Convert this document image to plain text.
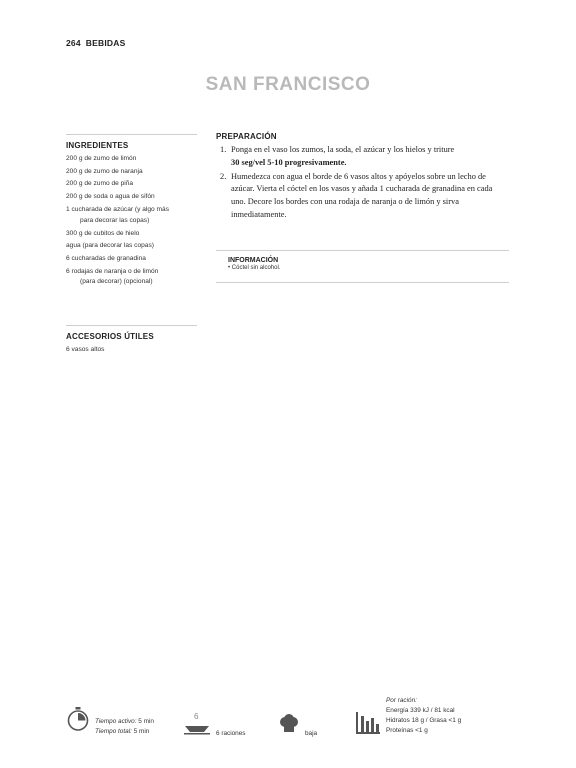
264 BEBIDAS
SAN FRANCISCO
INGREDIENTES
200 g de zumo de limón
200 g de zumo de naranja
200 g de zumo de piña
200 g de soda o agua de sifón
1 cucharada de azúcar (y algo más
para decorar las copas)
300 g de cubitos de hielo
agua (para decorar las copas)
6 cucharadas de granadina
6 rodajas de naranja o de limón
(para decorar) (opcional)
ACCESORIOS ÚTILES
6 vasos altos
PREPARACIÓN
1. Ponga en el vaso los zumos, la soda, el azúcar y los hielos y triture
30 seg/vel 5-10 progresivamente.
2. Humedezca con agua el borde de 6 vasos altos y apóyelos sobre un lecho de azúcar. Vierta el cóctel en los vasos y añada 1 cucharada de granadina en cada uno. Decore los bordes con una rodaja de naranja o de limón y sirva inmediatamente.
INFORMACIÓN

• Cóctel sin alcohol.

Tiempo activo: 5 min
Tiempo total: 5 min
6
6 raciones	baja
Por ración:
Energía 339 kJ / 81 kcal
Hidratos 18 g / Grasa <1 g
Proteínas <1 g
